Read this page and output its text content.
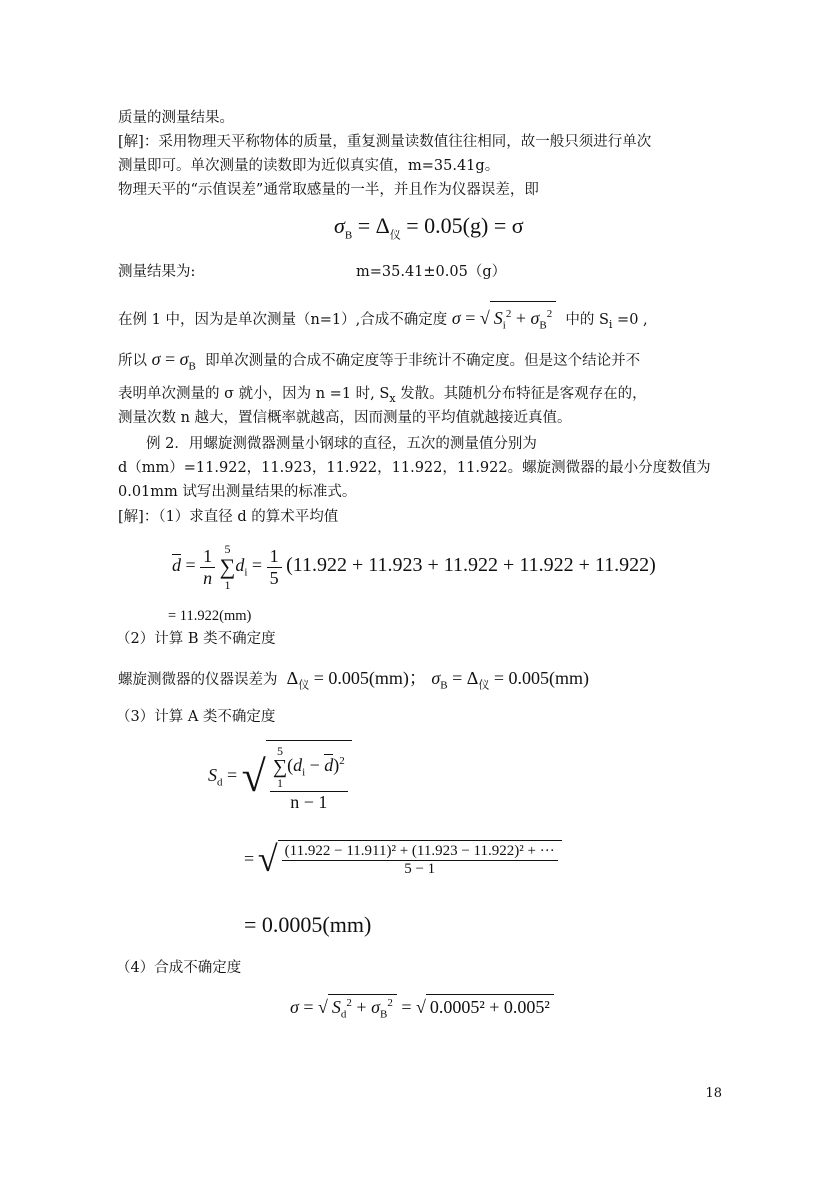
质量的测量结果。
[解]：采用物理天平称物体的质量，重复测量读数值往往相同，故一般只须进行单次
测量即可。单次测量的读数即为近似真实值，m=35.41g。
物理天平的“示值误差”通常取感量的一半，并且作为仪器误差，即
$\sigma_B = \Delta_仪 = 0.05(g) = \sigma$
测量结果为:	m=35.41±0.05（g）
在例 1 中，因为是单次测量（n=1）,合成不确定度 σ = √ $S_i^2 + \sigma_B^2$ 中的 $S_i =0$ ,
所以 $\sigma = \sigma_B$ 即单次测量的合成不确定度等于非统计不确定度。但是这个结论并不
表明单次测量的 σ 就小，因为 n =1 时, $S_x$ 发散。其随机分布特征是客观存在的，
测量次数 n 越大，置信概率就越高，因而测量的平均值就越接近真值。
例 2．用螺旋测微器测量小钢球的直径，五次的测量值分别为
d（mm）=11.922，11.923，11.922，11.922，11.922。螺旋测微器的最小分度数值为
0.01mm 试写出测量结果的标准式。
[解]：（1）求直径 d 的算术平均值
$d = \frac{1}{n}$
5
∑
1
$d_i = \frac{1}{5} (11.922 + 11.923 + 11.922 + 11.922 + 11.922)$
= 11.922(mm)
（2）计算 B 类不确定度
螺旋测微器的仪器误差为  $\Delta_仪 = 0.005(mm)$； $\sigma_B = \Delta_仪 = 0.005(mm)$
（3）计算 A 类不确定度
$S_d$ = √ 5
∑
1
$(d_i - d)^2$
n − 1
= √ $\frac{\text{(11.922 − 11.911)² + (11.923 − 11.922)² + ···}}{5 - 1}$
= 0.0005(mm)
（4）合成不确定度
σ = √ $S_d^2 + \sigma_B^2$ = √ 0.0005² + 0.005²
18
